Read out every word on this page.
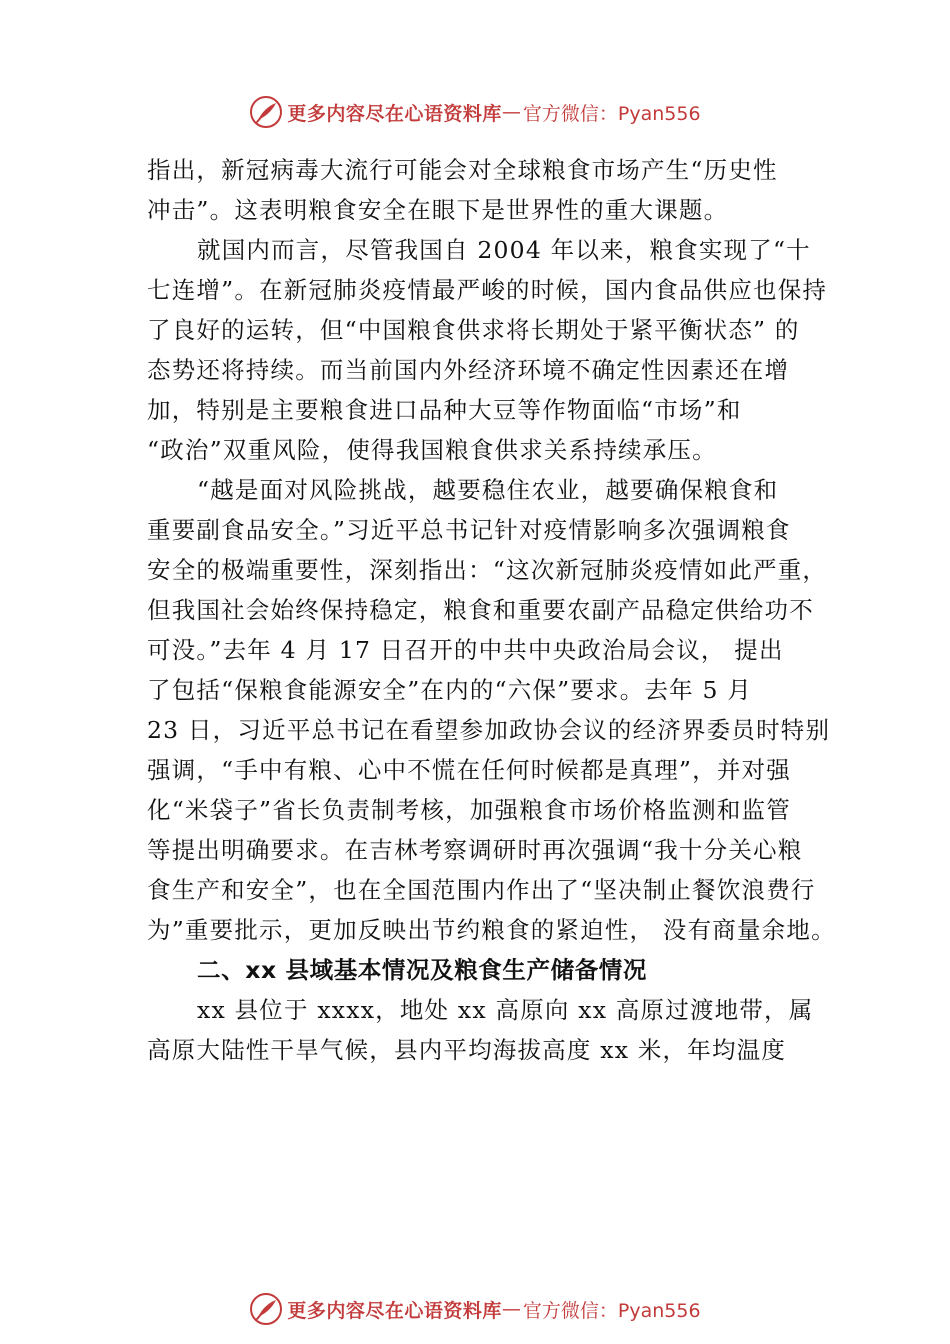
更多内容尽在心语资料库 — 官方微信：Pyan556
指出，新冠病毒大流行可能会对全球粮食市场产生“历史性
冲击”。这表明粮食安全在眼下是世界性的重大课题。
就国内而言，尽管我国自 2004 年以来，粮食实现了“十
七连增”。在新冠肺炎疫情最严峻的时候，国内食品供应也保持
了良好的运转，但“中国粮食供求将长期处于紧平衡状态” 的
态势还将持续。而当前国内外经济环境不确定性因素还在增
加，特别是主要粮食进口品种大豆等作物面临“市场”和
“政治”双重风险，使得我国粮食供求关系持续承压。
“越是面对风险挑战，越要稳住农业，越要确保粮食和
重要副食品安全。”习近平总书记针对疫情影响多次强调粮食
安全的极端重要性，深刻指出：“这次新冠肺炎疫情如此严重，
但我国社会始终保持稳定，粮食和重要农副产品稳定供给功不
可没。”去年 4 月 17 日召开的中共中央政治局会议， 提出
了包括“保粮食能源安全”在内的“六保”要求。去年 5 月
23 日，习近平总书记在看望参加政协会议的经济界委员时特别
强调，“手中有粮、心中不慌在任何时候都是真理”，并对强
化“米袋子”省长负责制考核，加强粮食市场价格监测和监管
等提出明确要求。在吉林考察调研时再次强调“我十分关心粮
食生产和安全”，也在全国范围内作出了“坚决制止餐饮浪费行
为”重要批示，更加反映出节约粮食的紧迫性， 没有商量余地。
二、xx 县域基本情况及粮食生产储备情况
xx 县位于 xxxx，地处 xx 高原向 xx 高原过渡地带，属
高原大陆性干旱气候，县内平均海拔高度 xx 米，年均温度
更多内容尽在心语资料库 — 官方微信：Pyan556
